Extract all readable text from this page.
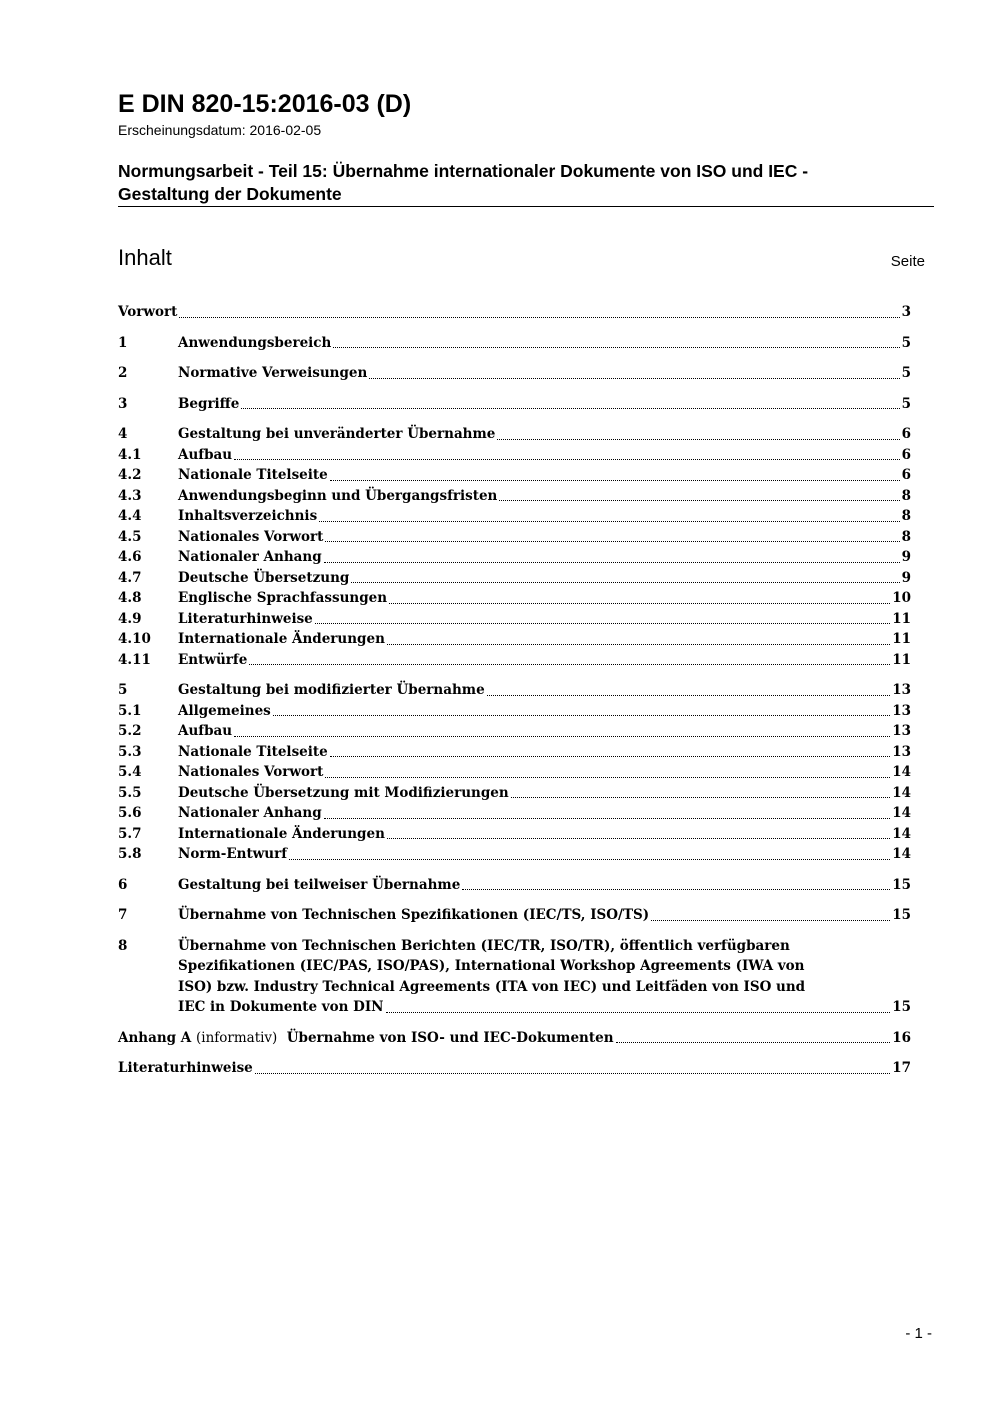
E DIN 820-15:2016-03 (D)
Erscheinungsdatum: 2016-02-05
Normungsarbeit - Teil 15: Übernahme internationaler Dokumente von ISO und IEC -
Gestaltung der Dokumente
Inhalt	Seite
Vorwort	3
1	Anwendungsbereich	5
2	Normative Verweisungen	5
3	Begriffe	5
4	Gestaltung bei unveränderter Übernahme	6
4.1	Aufbau	6
4.2	Nationale Titelseite	6
4.3	Anwendungsbeginn und Übergangsfristen	8
4.4	Inhaltsverzeichnis	8
4.5	Nationales Vorwort	8
4.6	Nationaler Anhang	9
4.7	Deutsche Übersetzung	9
4.8	Englische Sprachfassungen	10
4.9	Literaturhinweise	11
4.10	Internationale Änderungen	11
4.11	Entwürfe	11
5	Gestaltung bei modifizierter Übernahme	13
5.1	Allgemeines	13
5.2	Aufbau	13
5.3	Nationale Titelseite	13
5.4	Nationales Vorwort	14
5.5	Deutsche Übersetzung mit Modifizierungen	14
5.6	Nationaler Anhang	14
5.7	Internationale Änderungen	14
5.8	Norm-Entwurf	14
6	Gestaltung bei teilweiser Übernahme	15
7	Übernahme von Technischen Spezifikationen (IEC/TS, ISO/TS)	15
8	Übernahme von Technischen Berichten (IEC/TR, ISO/TR), öffentlich verfügbaren
Spezifikationen (IEC/PAS, ISO/PAS), International Workshop Agreements (IWA von
ISO) bzw. Industry Technical Agreements (ITA von IEC) und Leitfäden von ISO und
IEC in Dokumente von DIN	15
Anhang A (informativ) Übernahme von ISO- und IEC-Dokumenten	16
Literaturhinweise	17
- 1 -
